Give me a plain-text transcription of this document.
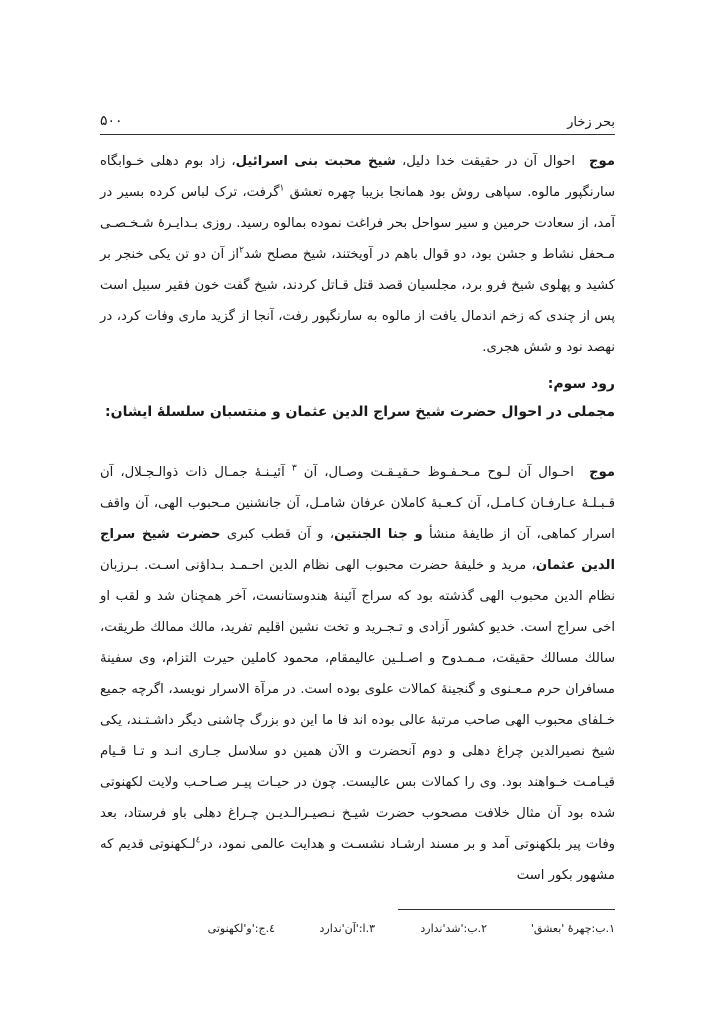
بحر زخار
۵۰۰
موج احوال آن در حقیقت خدا دلیل، شیخ محبت بنی اسرائیل، زاد بوم دهلی خـوابگاه سارنگپور مالوه. سپاهی روش بود همانجا بزیبا چهره تعشق $^۱$گرفت، ترک لباس کرده بسیر در آمد، از سعادت حرمین و سیر سواحل بحر فراغت نموده بمالوه رسید. روزی بـدایـرهٔ شـخـصـی مـحفل نشاط و جشن بود، دو قوال باهم در آویختند، شیخ مصلح شد$^۲$از آن دو تن یکی خنجر بر کشید و پهلوی شیخ فرو برد، مجلسیان قصد قتل قـاتل کردند، شیخ گفت خون فقیر سبیل است پس از چندی که زخم اندمال یافت از مالوه به سارنگپور رفت، آنجا از گزید ماری وفات کرد، در نهصد نود و شش هجری.
رود سوم:
مجملی در احوال حضرت شیخ سراج الدین عثمان و منتسبان سلسلهٔ ایشان:
موج احـوال آن لـوح مـحـفـوظ حـقیـقـت وصـال، آن $^۳$ آئیـنـهٔ جمـال ذات ذوالـجـلال، آن قـبـلـهٔ عـارفـان کـامـل، آن کـعـبهٔ کاملان عرفان شامـل، آن جانشنین مـحبوب الهی، آن واقف اسرار کماهی، آن از طایفهٔ منشأ و جنا الجنتین، و آن قطب کبری حضرت شیخ سراج الدین عثمان، مرید و خلیفهٔ حضرت محبوب الهی نظام الدین احـمـد بـداؤنی اسـت. بـرزبان نظام الدین محبوب الهی گذشته بود که سراج آئینهٔ هندوستانست، آخر همچنان شد و لقب او اخی سراج است. خدیو کشور آزادی و تـجـرید و تخت نشین اقلیم تفرید، مالك ممالك طریقت، سالك مسالك حقیقت، مـمـدوح و اصـلـین عالیمقام، محمود کاملین حیرت التزام، وی سفینهٔ مسافران حرم مـعـنوی و گنجینهٔ کمالات علوی بوده است. در مرآة الاسرار نویسد، اگرچه جمیع خـلفای محبوب الهی صاحب مرتبهٔ عالی بوده اند فا ما این دو بزرگ چاشنی دیگر داشـتـند، یکی شیخ نصیرالدین چراغ دهلی و دوم آنحضرت و الآن همین دو سلاسل جـاری انـد و تـا قـیام قیـامـت خـواهند بود. وی را کمالات بس عالیست. چون در حیـات پیـر صـاحـب ولایت لکهنوتی شده بود آن مثال خلافت مصحوب حضرت شیـخ نـصیـرالـدیـن چـراغ دهلی باو فرستاد، بعد وفات پیر بلکهنوتی آمد و بر مسند ارشـاد نشسـت و هدایت عالمی نمود، در$^٤$لـکهنوتی قدیم که مشهور بکور است
۱.ب:چهرهٔ 'بعشق'
۲.ب:'شد'ندارد
۳.ا:'آن'ندارد
٤.ج:'و'لکهنوتی
